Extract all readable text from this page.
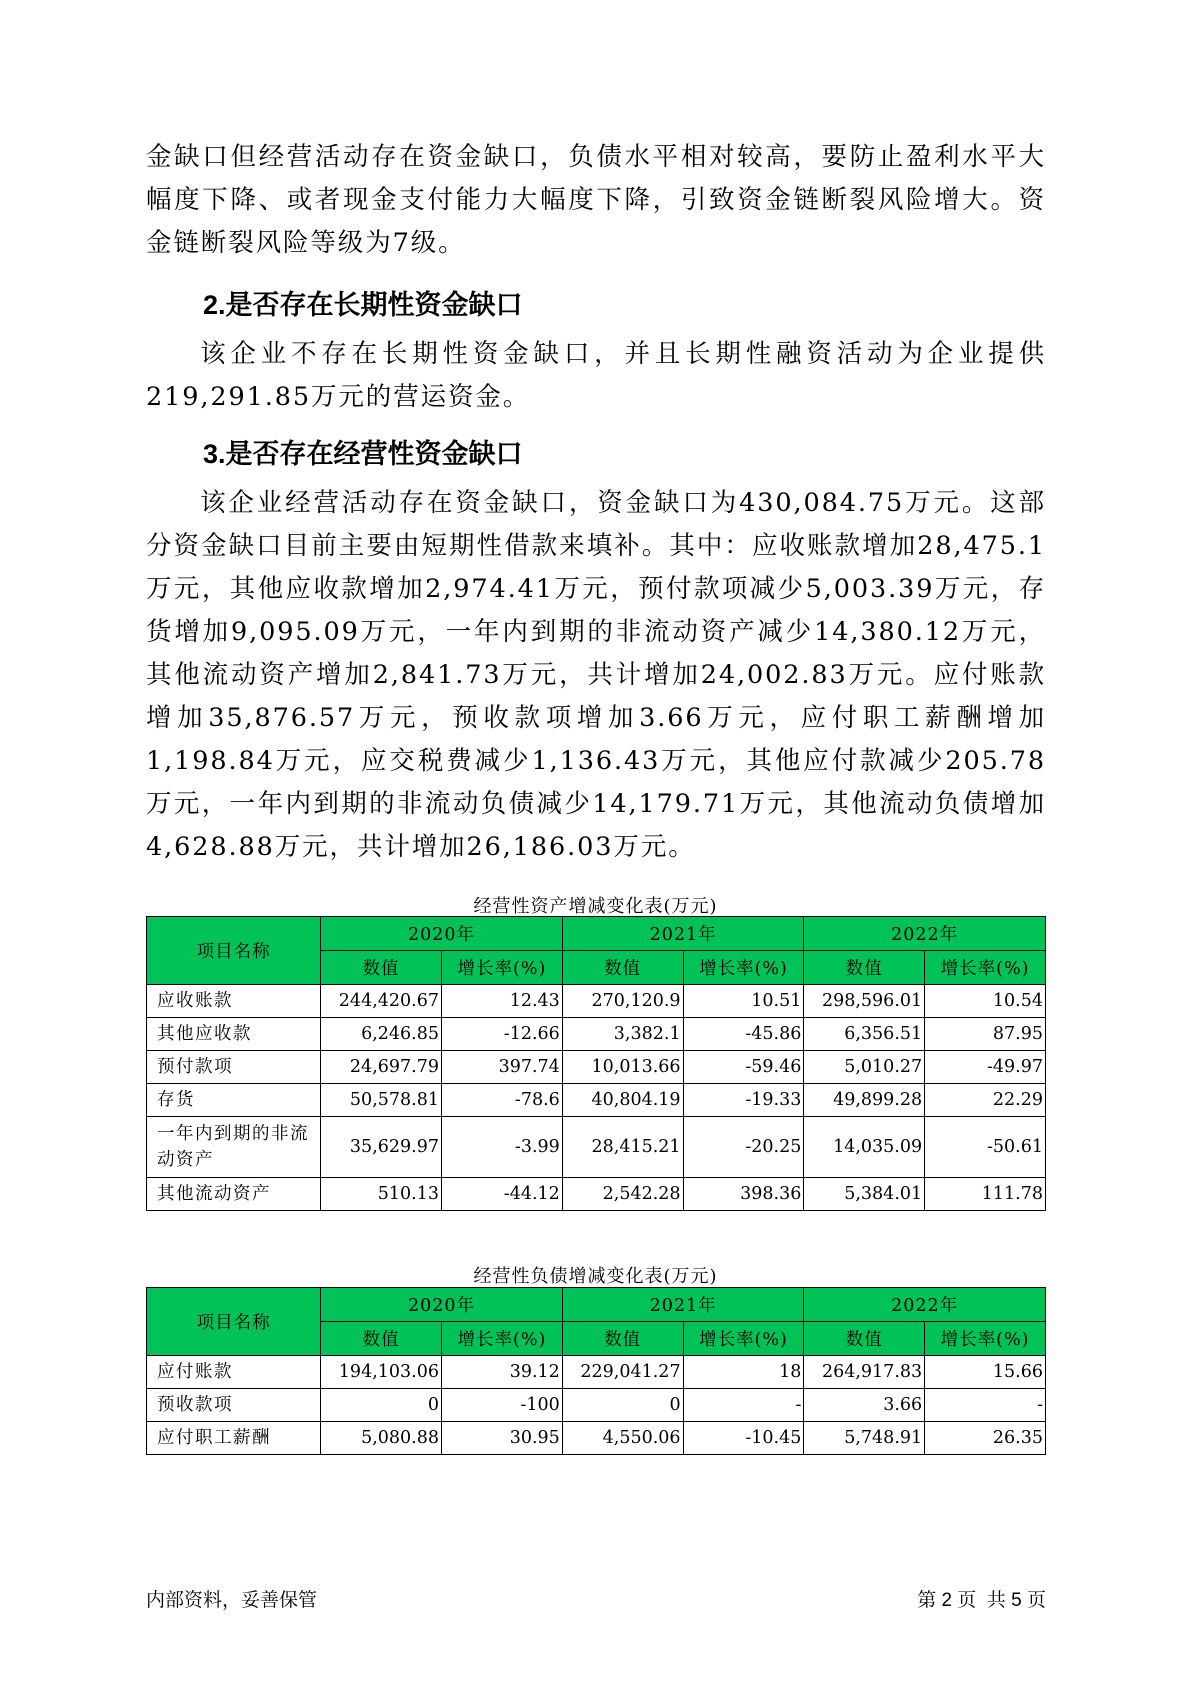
金缺口但经营活动存在资金缺口，负债水平相对较高，要防止盈利水平大幅度下降、或者现金支付能力大幅度下降，引致资金链断裂风险增大。资金链断裂风险等级为7级。

2.是否存在长期性资金缺口

该企业不存在长期性资金缺口，并且长期性融资活动为企业提供219,291.85万元的营运资金。

3.是否存在经营性资金缺口

该企业经营活动存在资金缺口，资金缺口为430,084.75万元。这部分资金缺口目前主要由短期性借款来填补。其中：应收账款增加28,475.1万元，其他应收款增加2,974.41万元，预付款项减少5,003.39万元，存货增加9,095.09万元，一年内到期的非流动资产减少14,380.12万元，其他流动资产增加2,841.73万元，共计增加24,002.83万元。应付账款增加35,876.57万元，预收款项增加3.66万元，应付职工薪酬增加1,198.84万元，应交税费减少1,136.43万元，其他应付款减少205.78万元，一年内到期的非流动负债减少14,179.71万元，其他流动负债增加4,628.88万元，共计增加26,186.03万元。

经营性资产增减变化表(万元)
项目名称	2020年		2021年		2022年	
	数值	增长率(%)	数值	增长率(%)	数值	增长率(%)
应收账款	244,420.67	12.43	270,120.9	10.51	298,596.01	10.54
其他应收款	6,246.85	-12.66	3,382.1	-45.86	6,356.51	87.95
预付款项	24,697.79	397.74	10,013.66	-59.46	5,010.27	-49.97
存货	50,578.81	-78.6	40,804.19	-19.33	49,899.28	22.29
一年内到期的非流动资产	35,629.97	-3.99	28,415.21	-20.25	14,035.09	-50.61
其他流动资产	510.13	-44.12	2,542.28	398.36	5,384.01	111.78
经营性负债增减变化表(万元)
项目名称	2020年		2021年		2022年	
	数值	增长率(%)	数值	增长率(%)	数值	增长率(%)
应付账款	194,103.06	39.12	229,041.27	18	264,917.83	15.66
预收款项	0	-100	0	-	3.66	-
应付职工薪酬	5,080.88	30.95	4,550.06	-10.45	5,748.91	26.35
内部资料，妥善保管	第 2 页  共 5 页
